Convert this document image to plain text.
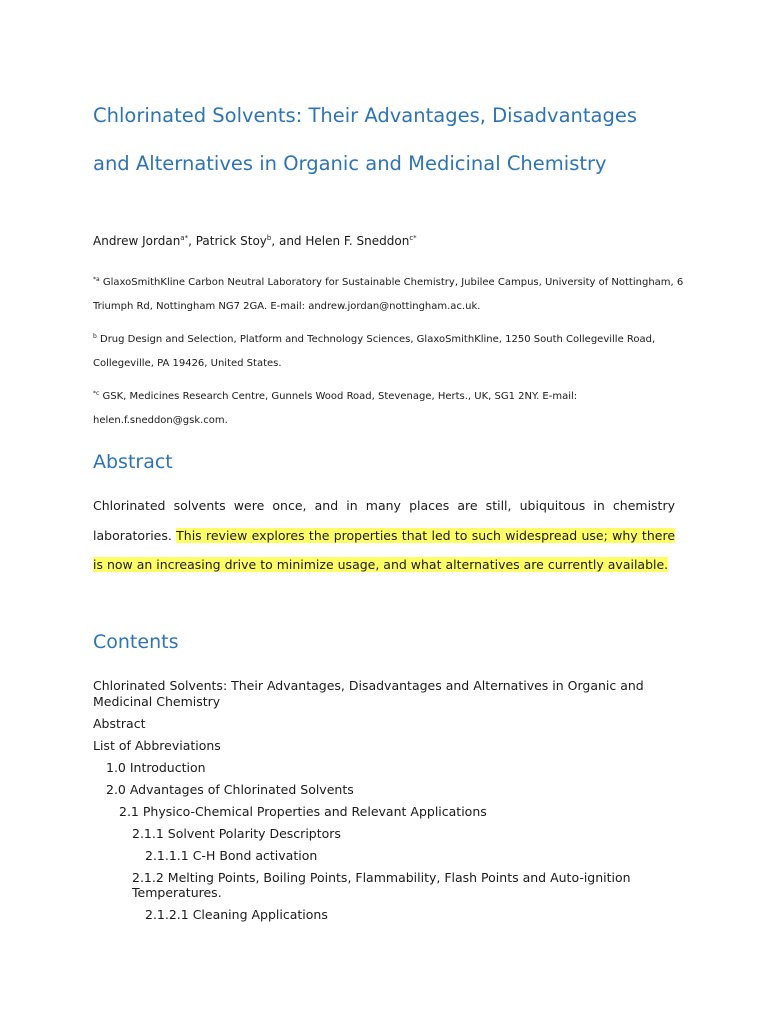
Chlorinated Solvents: Their Advantages, Disadvantages
and Alternatives in Organic and Medicinal Chemistry
Andrew Jordan$^{a*}$, Patrick Stoy$^b$, and Helen F. Sneddon$^{c*}$
$^{*a}$ GlaxoSmithKline Carbon Neutral Laboratory for Sustainable Chemistry, Jubilee Campus, University of Nottingham, 6 Triumph Rd, Nottingham NG7 2GA. E-mail: andrew.jordan@nottingham.ac.uk.
$^b$ Drug Design and Selection, Platform and Technology Sciences, GlaxoSmithKline, 1250 South Collegeville Road, Collegeville, PA 19426, United States.
$^{*c}$ GSK, Medicines Research Centre, Gunnels Wood Road, Stevenage, Herts., UK, SG1 2NY. E-mail: helen.f.sneddon@gsk.com.
Abstract

Chlorinated solvents were once, and in many places are still, ubiquitous in chemistry laboratories. This review explores the properties that led to such widespread use; why there is now an increasing drive to minimize usage, and what alternatives are currently available.

Contents
Chlorinated Solvents: Their Advantages, Disadvantages and Alternatives in Organic and Medicinal Chemistry
Abstract
List of Abbreviations
1.0 Introduction
2.0 Advantages of Chlorinated Solvents
2.1 Physico-Chemical Properties and Relevant Applications
2.1.1 Solvent Polarity Descriptors
2.1.1.1 C-H Bond activation
2.1.2 Melting Points, Boiling Points, Flammability, Flash Points and Auto-ignition Temperatures.
2.1.2.1 Cleaning Applications
